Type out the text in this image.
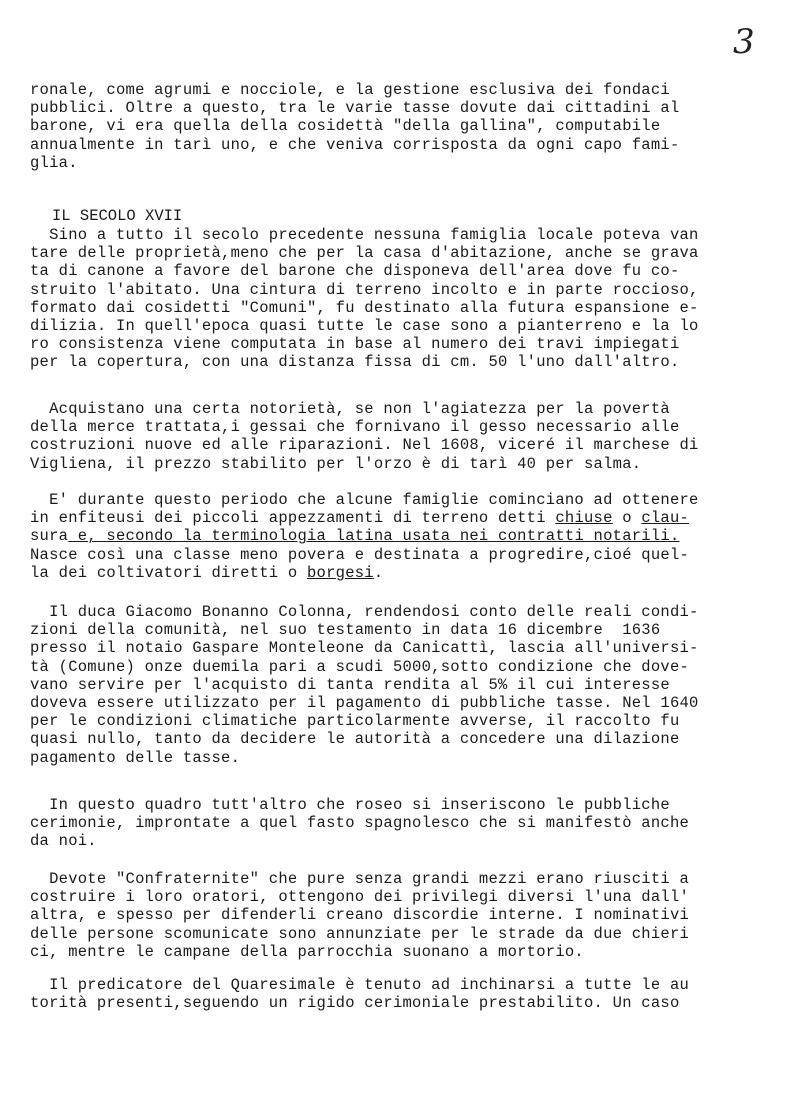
3
IL SECOLO XVII
ronale, come agrumi e nocciole, e la gestione esclusiva dei fondaci
pubblici. Oltre a questo, tra le varie tasse dovute dai cittadini al
barone, vi era quella della cosidettà "della gallina", computabile
annualmente in tarì uno, e che veniva corrisposta da ogni capo fami-
glia.
Sino a tutto il secolo precedente nessuna famiglia locale poteva van
tare delle proprietà,meno che per la casa d'abitazione, anche se grava
ta di canone a favore del barone che disponeva dell'area dove fu co-
struito l'abitato. Una cintura di terreno incolto e in parte roccioso,
formato dai cosidetti "Comuni", fu destinato alla futura espansione e-
dilizia. In quell'epoca quasi tutte le case sono a pianterreno e la lo
ro consistenza viene computata in base al numero dei travi impiegati
per la copertura, con una distanza fissa di cm. 50 l'uno dall'altro.
Acquistano una certa notorietà, se non l'agiatezza per la povertà
della merce trattata,i gessai che fornivano il gesso necessario alle
costruzioni nuove ed alle riparazioni. Nel 1608, viceré il marchese di
Vigliena, il prezzo stabilito per l'orzo è di tarì 40 per salma.
E' durante questo periodo che alcune famiglie cominciano ad ottenere
in enfiteusi dei piccoli appezzamenti di terreno detti chiuse o clau-
sura e, secondo la terminologia latina usata nei contratti notarili.
Nasce così una classe meno povera e destinata a progredire,cioé quel-
la dei coltivatori diretti o borgesi.
Il duca Giacomo Bonanno Colonna, rendendosi conto delle reali condi-
zioni della comunità, nel suo testamento in data 16 dicembre  1636
presso il notaio Gaspare Monteleone da Canicattì, lascia all'universi-
tà (Comune) onze duemila pari a scudi 5000,sotto condizione che dove-
vano servire per l'acquisto di tanta rendita al 5% il cui interesse
doveva essere utilizzato per il pagamento di pubbliche tasse. Nel 1640
per le condizioni climatiche particolarmente avverse, il raccolto fu
quasi nullo, tanto da decidere le autorità a concedere una dilazione
pagamento delle tasse.
In questo quadro tutt'altro che roseo si inseriscono le pubbliche
cerimonie, improntate a quel fasto spagnolesco che si manifestò anche
da noi.
Devote "Confraternite" che pure senza grandi mezzi erano riusciti a
costruire i loro oratori, ottengono dei privilegi diversi l'una dall'
altra, e spesso per difenderli creano discordie interne. I nominativi
delle persone scomunicate sono annunziate per le strade da due chieri
ci, mentre le campane della parrocchia suonano a mortorio.
Il predicatore del Quaresimale è tenuto ad inchinarsi a tutte le au
torità presenti,seguendo un rigido cerimoniale prestabilito. Un caso
